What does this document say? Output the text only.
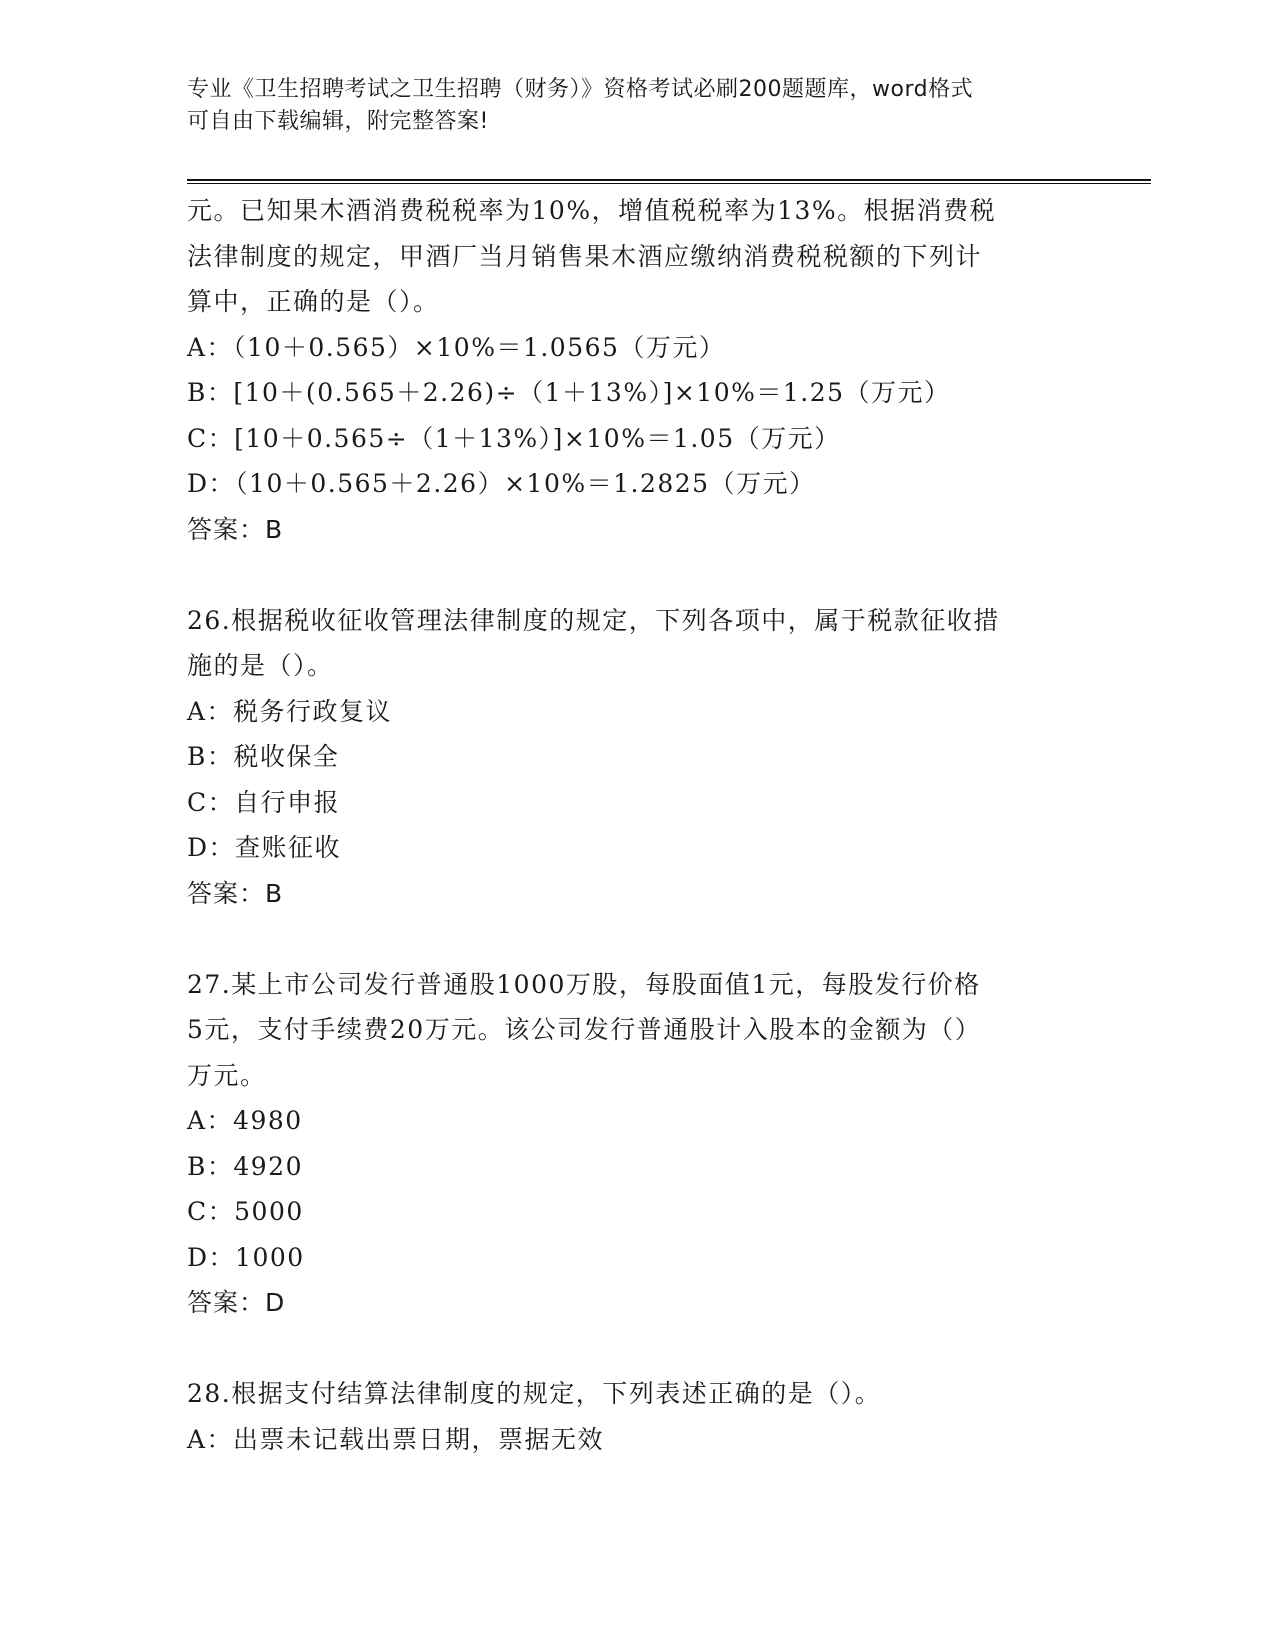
专业《卫生招聘考试之卫生招聘（财务）》资格考试必刷200题题库，word格式
可自由下载编辑，附完整答案!
元。已知果木酒消费税税率为10%，增值税税率为13%。根据消费税
法律制度的规定，甲酒厂当月销售果木酒应缴纳消费税税额的下列计
算中，正确的是（）。
A：（10＋0.565）×10%＝1.0565（万元）
B：[10＋(0.565＋2.26)÷（1＋13%）]×10%＝1.25（万元）
C：[10＋0.565÷（1＋13%）]×10%＝1.05（万元）
D：（10＋0.565＋2.26）×10%＝1.2825（万元）
答案：B
26.根据税收征收管理法律制度的规定，下列各项中，属于税款征收措
施的是（）。
A：税务行政复议
B：税收保全
C：自行申报
D：查账征收
答案：B
27.某上市公司发行普通股1000万股，每股面值1元，每股发行价格
5元，支付手续费20万元。该公司发行普通股计入股本的金额为（）
万元。
A：4980
B：4920
C：5000
D：1000
答案：D
28.根据支付结算法律制度的规定，下列表述正确的是（）。
A：出票未记载出票日期，票据无效
